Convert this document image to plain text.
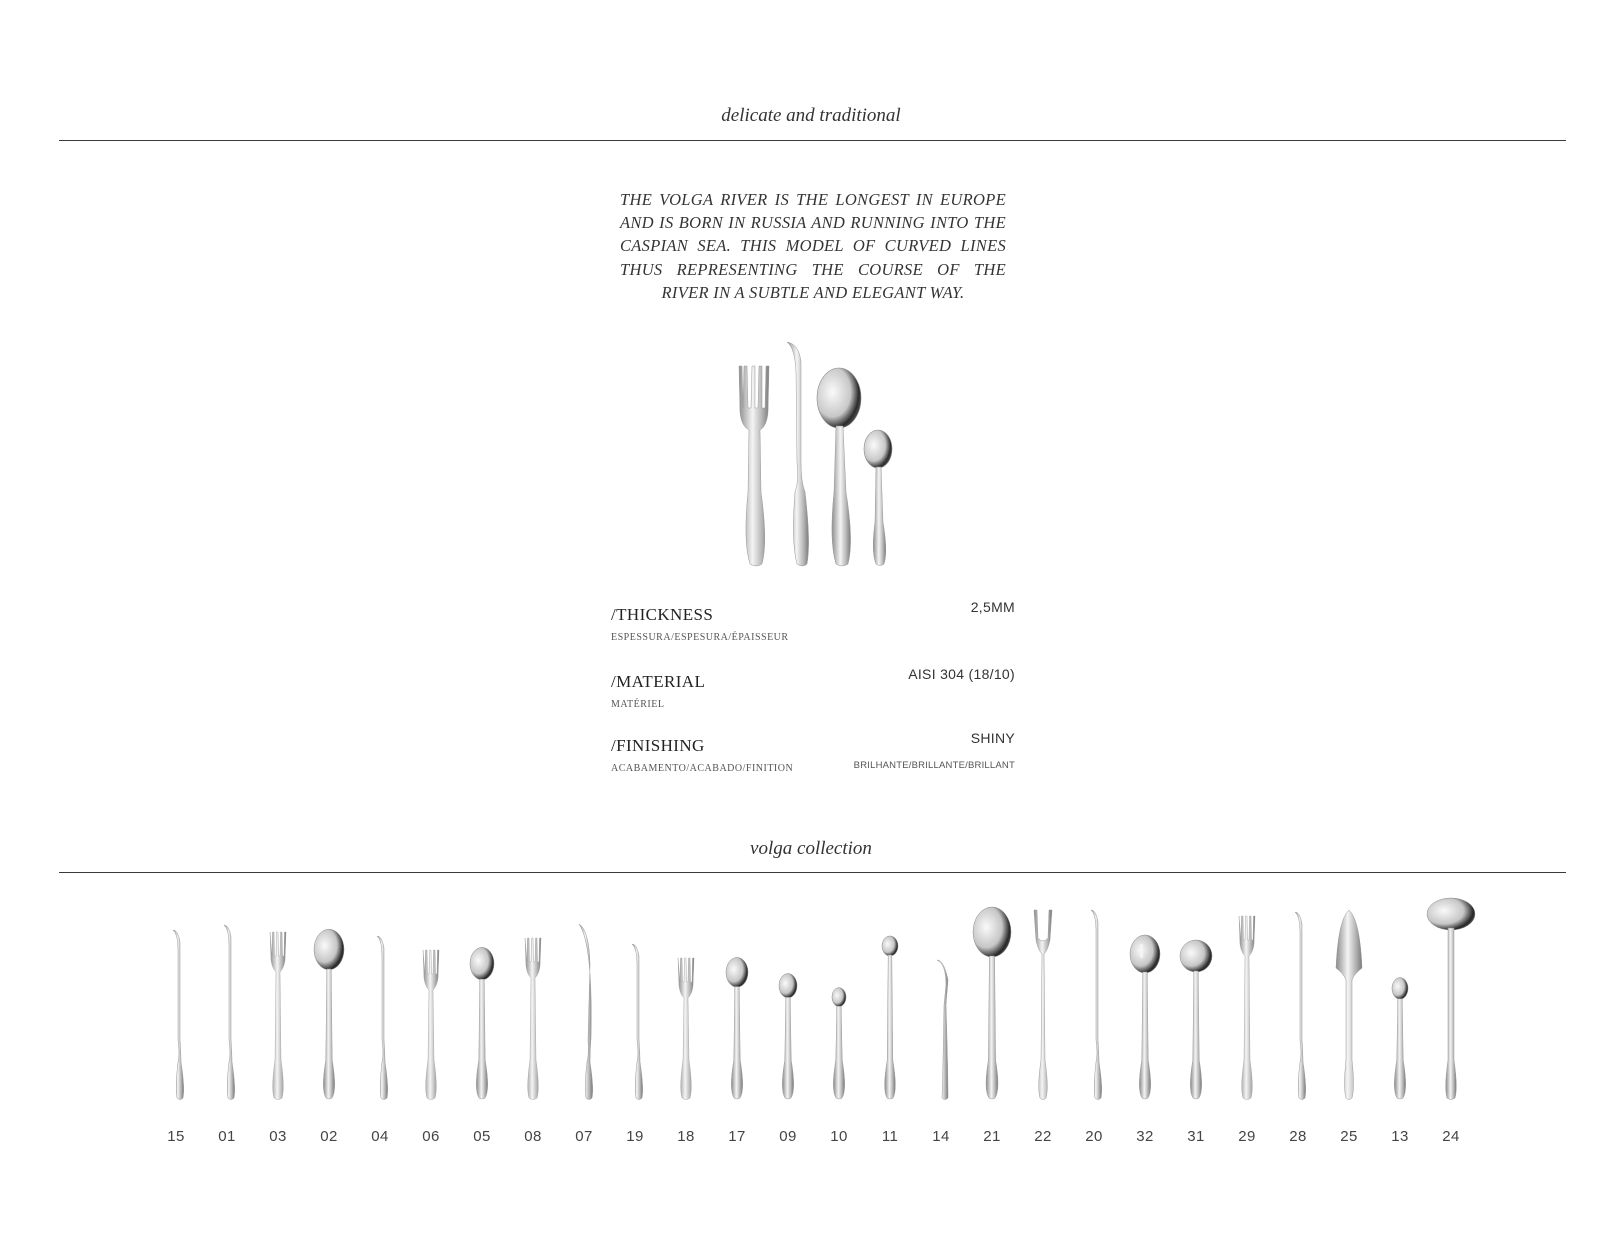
delicate and traditional
THE VOLGA RIVER IS THE LONGEST IN EUROPE AND IS BORN IN RUSSIA AND RUNNING INTO THE CASPIAN SEA. THIS MODEL OF CURVED LINES THUS REPRESENTING THE COURSE OF THE RIVER IN A SUBTLE AND ELEGANT WAY.
/THICKNESS
ESPESSURA/ESPESURA/ÉPAISSEUR
2,5MM
/MATERIAL
MATÉRIEL
AISI 304 (18/10)
/FINISHING
ACABAMENTO/ACABADO/FINITION
SHINY
BRILHANTE/BRILLANTE/BRILLANT
volga collection
15	01	03	02	04	06	05	08	07	19	18	17	09	10	11	14	21	22	20	32	31	29	28	25	13	24
